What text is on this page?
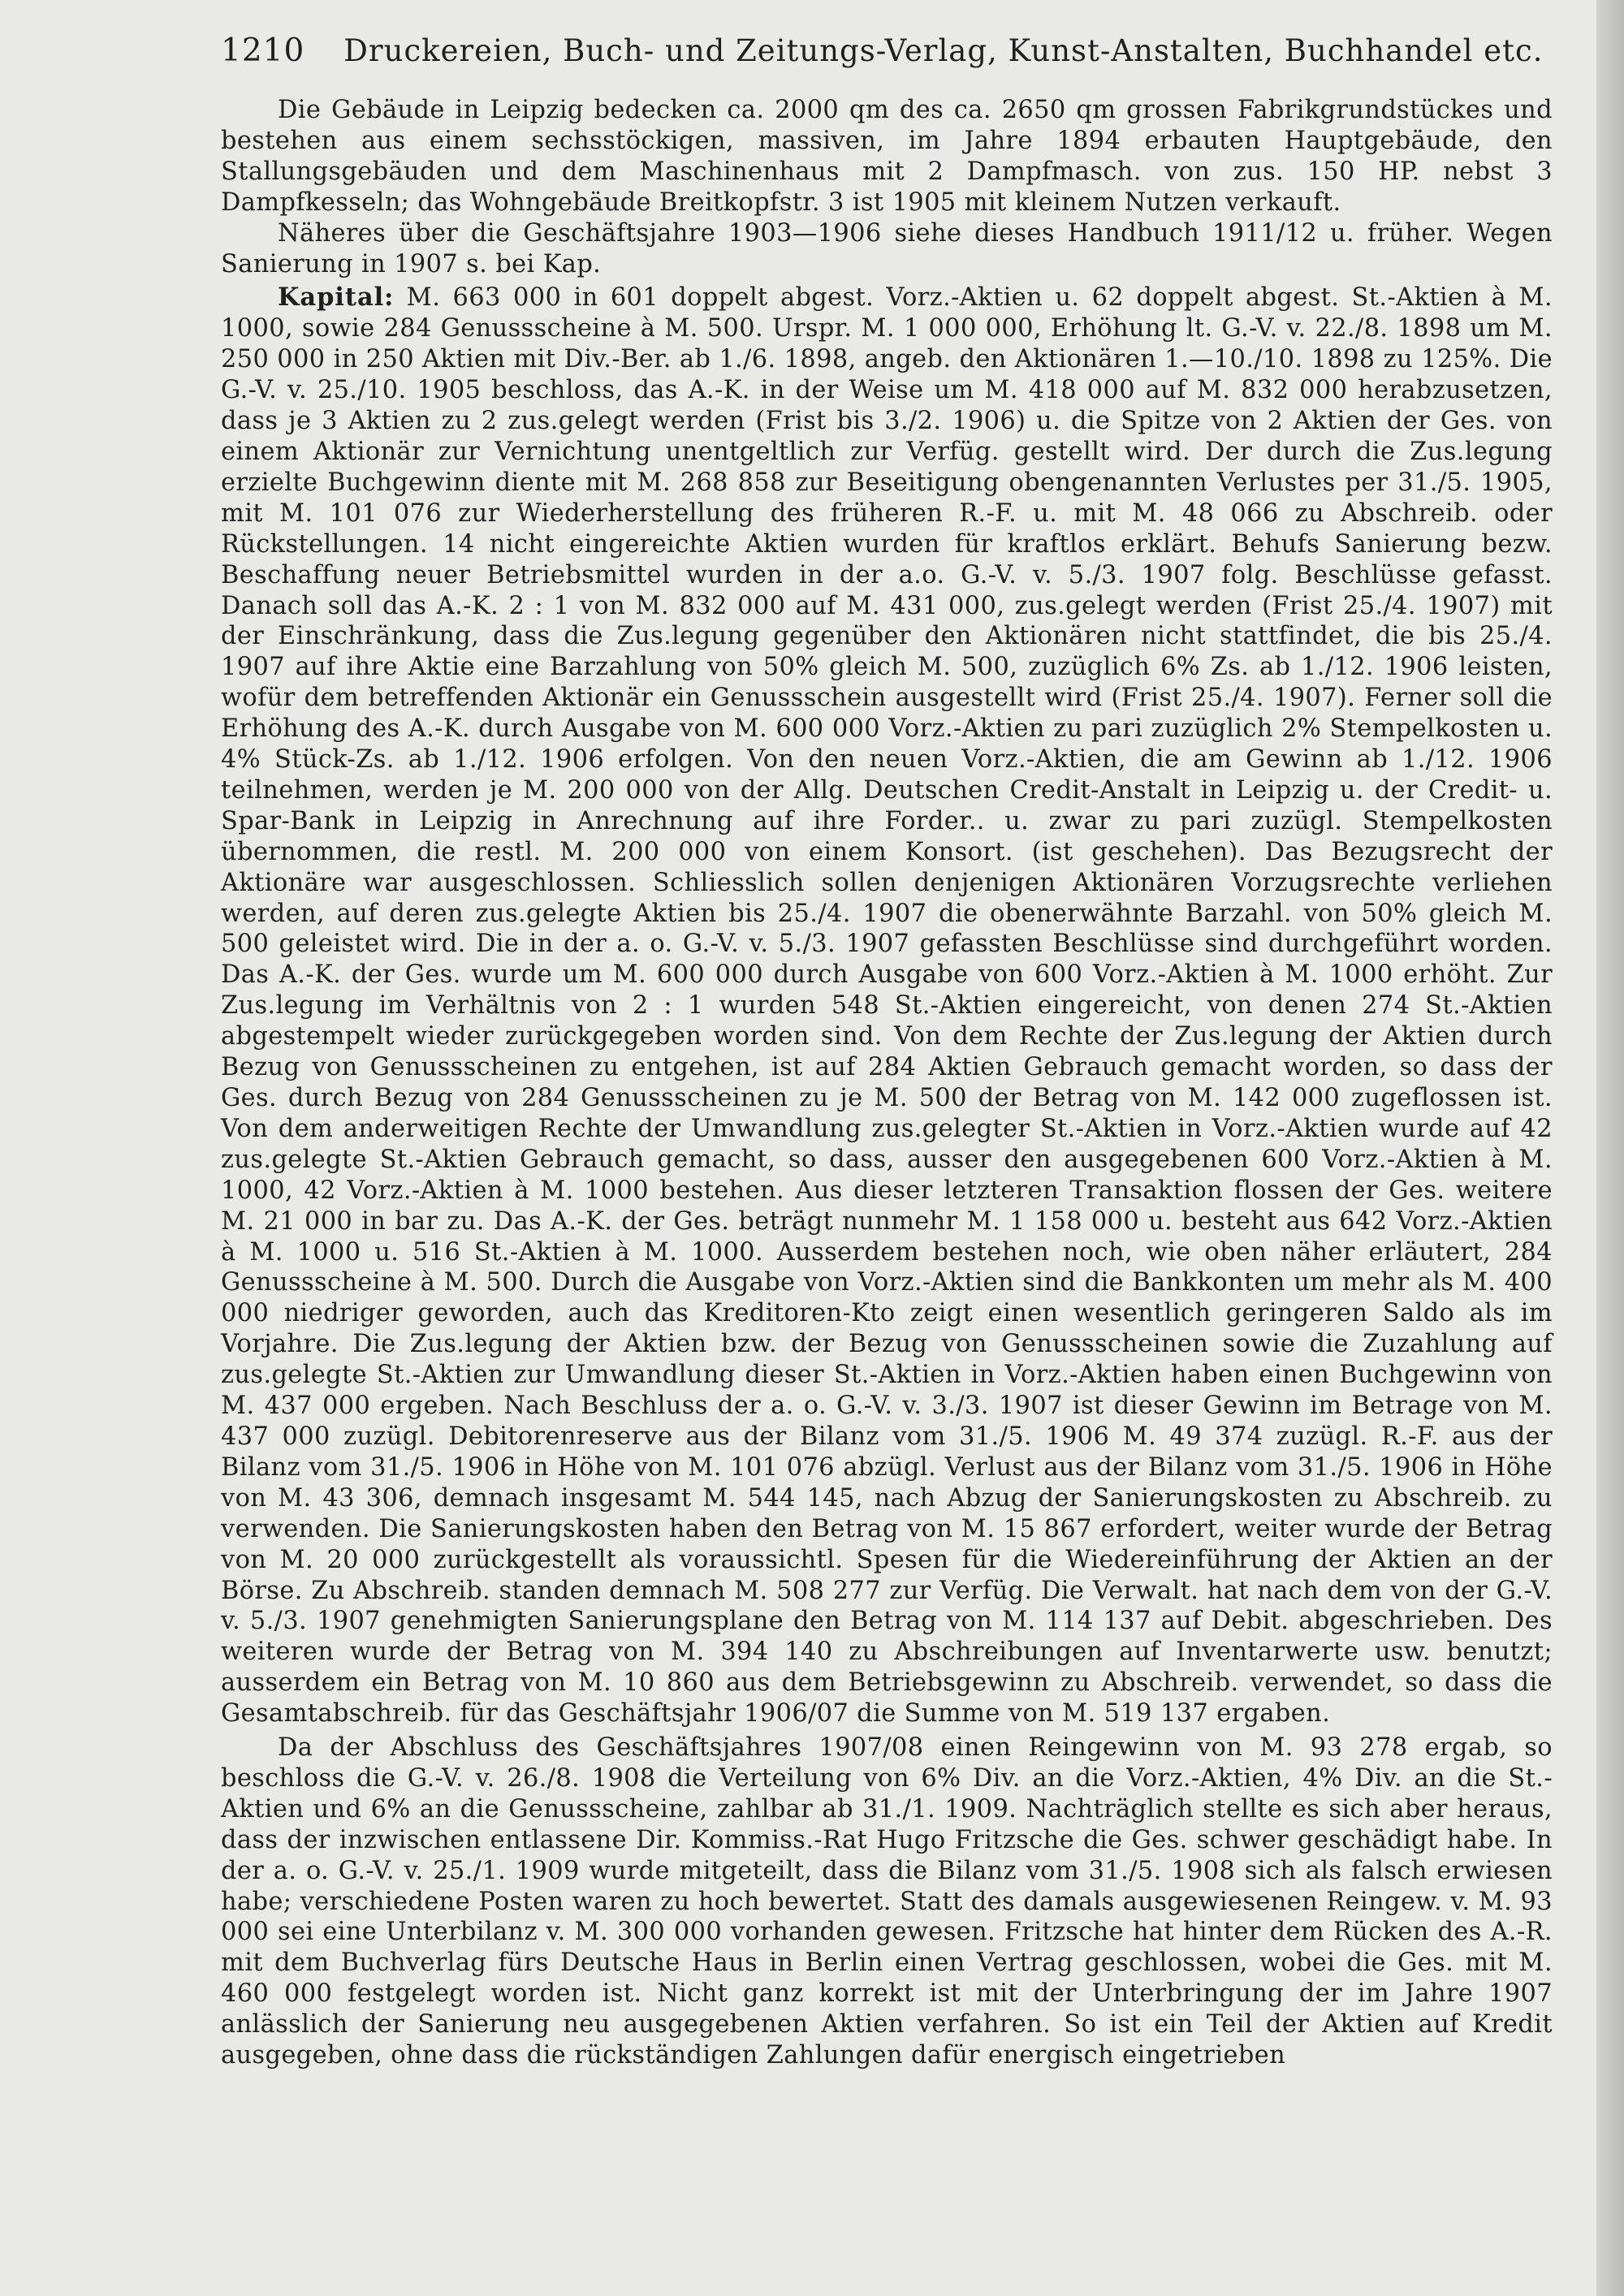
1210 Druckereien, Buch- und Zeitungs-Verlag, Kunst-Anstalten, Buchhandel etc.

Die Gebäude in Leipzig bedecken ca. 2000 qm des ca. 2650 qm grossen Fabrikgrundstückes und bestehen aus einem sechsstöckigen, massiven, im Jahre 1894 erbauten Hauptgebäude, den Stallungsgebäuden und dem Maschinenhaus mit 2 Dampfmasch. von zus. 150 HP. nebst 3 Dampfkesseln; das Wohngebäude Breitkopfstr. 3 ist 1905 mit kleinem Nutzen verkauft.

Näheres über die Geschäftsjahre 1903—1906 siehe dieses Handbuch 1911/12 u. früher. Wegen Sanierung in 1907 s. bei Kap.

Kapital: M. 663 000 in 601 doppelt abgest. Vorz.-Aktien u. 62 doppelt abgest. St.-Aktien à M. 1000, sowie 284 Genussscheine à M. 500. Urspr. M. 1 000 000, Erhöhung lt. G.-V. v. 22./8. 1898 um M. 250 000 in 250 Aktien mit Div.-Ber. ab 1./6. 1898, angeb. den Aktionären 1.—10./10. 1898 zu 125%. Die G.-V. v. 25./10. 1905 beschloss, das A.-K. in der Weise um M. 418 000 auf M. 832 000 herabzusetzen, dass je 3 Aktien zu 2 zus.gelegt werden (Frist bis 3./2. 1906) u. die Spitze von 2 Aktien der Ges. von einem Aktionär zur Vernichtung unentgeltlich zur Verfüg. gestellt wird. Der durch die Zus.legung erzielte Buchgewinn diente mit M. 268 858 zur Beseitigung obengenannten Verlustes per 31./5. 1905, mit M. 101 076 zur Wiederherstellung des früheren R.-F. u. mit M. 48 066 zu Abschreib. oder Rückstellungen. 14 nicht eingereichte Aktien wurden für kraftlos erklärt. Behufs Sanierung bezw. Beschaffung neuer Betriebsmittel wurden in der a.o. G.-V. v. 5./3. 1907 folg. Beschlüsse gefasst. Danach soll das A.-K. 2 : 1 von M. 832 000 auf M. 431 000, zus.gelegt werden (Frist 25./4. 1907) mit der Einschränkung, dass die Zus.legung gegenüber den Aktionären nicht stattfindet, die bis 25./4. 1907 auf ihre Aktie eine Barzahlung von 50% gleich M. 500, zuzüglich 6% Zs. ab 1./12. 1906 leisten, wofür dem betreffenden Aktionär ein Genussschein ausgestellt wird (Frist 25./4. 1907). Ferner soll die Erhöhung des A.-K. durch Ausgabe von M. 600 000 Vorz.-Aktien zu pari zuzüglich 2% Stempelkosten u. 4% Stück-Zs. ab 1./12. 1906 erfolgen. Von den neuen Vorz.-Aktien, die am Gewinn ab 1./12. 1906 teilnehmen, werden je M. 200 000 von der Allg. Deutschen Credit-Anstalt in Leipzig u. der Credit- u. Spar-Bank in Leipzig in Anrechnung auf ihre Forder.. u. zwar zu pari zuzügl. Stempelkosten übernommen, die restl. M. 200 000 von einem Konsort. (ist geschehen). Das Bezugsrecht der Aktionäre war ausgeschlossen. Schliesslich sollen denjenigen Aktionären Vorzugsrechte verliehen werden, auf deren zus.gelegte Aktien bis 25./4. 1907 die obenerwähnte Barzahl. von 50% gleich M. 500 geleistet wird. Die in der a. o. G.-V. v. 5./3. 1907 gefassten Beschlüsse sind durchgeführt worden. Das A.-K. der Ges. wurde um M. 600 000 durch Ausgabe von 600 Vorz.-Aktien à M. 1000 erhöht. Zur Zus.legung im Verhältnis von 2 : 1 wurden 548 St.-Aktien eingereicht, von denen 274 St.-Aktien abgestempelt wieder zurückgegeben worden sind. Von dem Rechte der Zus.legung der Aktien durch Bezug von Genussscheinen zu entgehen, ist auf 284 Aktien Gebrauch gemacht worden, so dass der Ges. durch Bezug von 284 Genussscheinen zu je M. 500 der Betrag von M. 142 000 zugeflossen ist. Von dem anderweitigen Rechte der Umwandlung zus.gelegter St.-Aktien in Vorz.-Aktien wurde auf 42 zus.gelegte St.-Aktien Gebrauch gemacht, so dass, ausser den ausgegebenen 600 Vorz.-Aktien à M. 1000, 42 Vorz.-Aktien à M. 1000 bestehen. Aus dieser letzteren Transaktion flossen der Ges. weitere M. 21 000 in bar zu. Das A.-K. der Ges. beträgt nunmehr M. 1 158 000 u. besteht aus 642 Vorz.-Aktien à M. 1000 u. 516 St.-Aktien à M. 1000. Ausserdem bestehen noch, wie oben näher erläutert, 284 Genussscheine à M. 500. Durch die Ausgabe von Vorz.-Aktien sind die Bankkonten um mehr als M. 400 000 niedriger geworden, auch das Kreditoren-Kto zeigt einen wesentlich geringeren Saldo als im Vorjahre. Die Zus.legung der Aktien bzw. der Bezug von Genussscheinen sowie die Zuzahlung auf zus.gelegte St.-Aktien zur Umwandlung dieser St.-Aktien in Vorz.-Aktien haben einen Buchgewinn von M. 437 000 ergeben. Nach Beschluss der a. o. G.-V. v. 3./3. 1907 ist dieser Gewinn im Betrage von M. 437 000 zuzügl. Debitorenreserve aus der Bilanz vom 31./5. 1906 M. 49 374 zuzügl. R.-F. aus der Bilanz vom 31./5. 1906 in Höhe von M. 101 076 abzügl. Verlust aus der Bilanz vom 31./5. 1906 in Höhe von M. 43 306, demnach insgesamt M. 544 145, nach Abzug der Sanierungskosten zu Abschreib. zu verwenden. Die Sanierungskosten haben den Betrag von M. 15 867 erfordert, weiter wurde der Betrag von M. 20 000 zurückgestellt als voraussichtl. Spesen für die Wiedereinführung der Aktien an der Börse. Zu Abschreib. standen demnach M. 508 277 zur Verfüg. Die Verwalt. hat nach dem von der G.-V. v. 5./3. 1907 genehmigten Sanierungsplane den Betrag von M. 114 137 auf Debit. abgeschrieben. Des weiteren wurde der Betrag von M. 394 140 zu Abschreibungen auf Inventarwerte usw. benutzt; ausserdem ein Betrag von M. 10 860 aus dem Betriebsgewinn zu Abschreib. verwendet, so dass die Gesamtabschreib. für das Geschäftsjahr 1906/07 die Summe von M. 519 137 ergaben.

Da der Abschluss des Geschäftsjahres 1907/08 einen Reingewinn von M. 93 278 ergab, so beschloss die G.-V. v. 26./8. 1908 die Verteilung von 6% Div. an die Vorz.-Aktien, 4% Div. an die St.-Aktien und 6% an die Genussscheine, zahlbar ab 31./1. 1909. Nachträglich stellte es sich aber heraus, dass der inzwischen entlassene Dir. Kommiss.-Rat Hugo Fritzsche die Ges. schwer geschädigt habe. In der a. o. G.-V. v. 25./1. 1909 wurde mitgeteilt, dass die Bilanz vom 31./5. 1908 sich als falsch erwiesen habe; verschiedene Posten waren zu hoch bewertet. Statt des damals ausgewiesenen Reingew. v. M. 93 000 sei eine Unterbilanz v. M. 300 000 vorhanden gewesen. Fritzsche hat hinter dem Rücken des A.-R. mit dem Buchverlag fürs Deutsche Haus in Berlin einen Vertrag geschlossen, wobei die Ges. mit M. 460 000 festgelegt worden ist. Nicht ganz korrekt ist mit der Unterbringung der im Jahre 1907 anlässlich der Sanierung neu ausgegebenen Aktien verfahren. So ist ein Teil der Aktien auf Kredit ausgegeben, ohne dass die rückständigen Zahlungen dafür energisch eingetrieben
